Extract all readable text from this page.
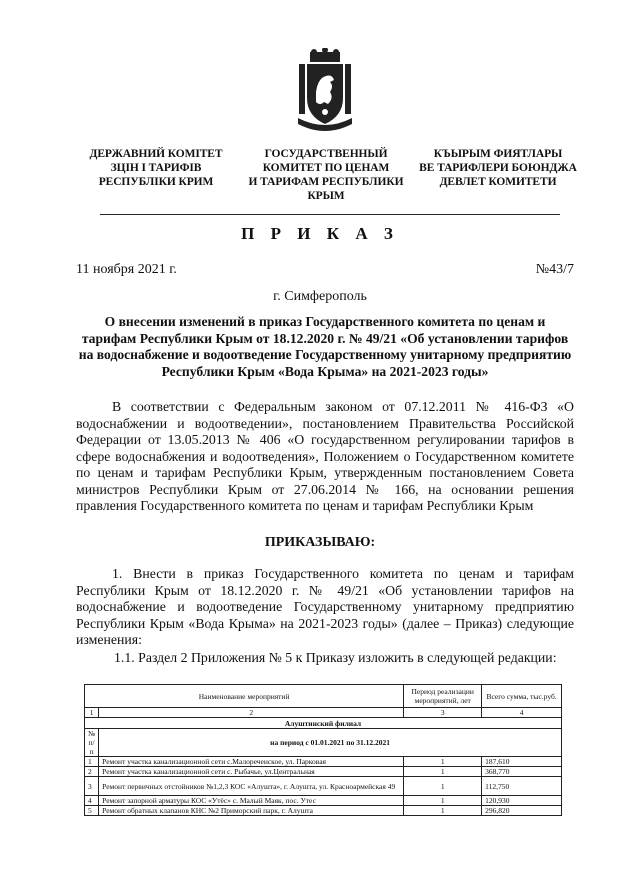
ДЕРЖАВНИЙ КОМІТЕТ
ЗЦІН І ТАРИФІВ
РЕСПУБЛІКИ КРИМ
ГОСУДАРСТВЕННЫЙ
КОМИТЕТ ПО ЦЕНАМ
И ТАРИФАМ РЕСПУБЛИКИ
КРЫМ
КЪЫРЫМ ФИЯТЛАРЫ
ВЕ ТАРИФЛЕРИ БОЮНДЖА
ДЕВЛЕТ КОМИТЕТИ
П Р И К А З
11 ноября 2021 г.	№43/7
г. Симферополь
О внесении изменений в приказ Государственного комитета по ценам и тарифам Республики Крым от 18.12.2020 г. № 49/21 «Об установлении тарифов на водоснабжение и водоотведение Государственному унитарному предприятию Республики Крым «Вода Крыма» на 2021-2023 годы»
В соответствии с Федеральным законом от 07.12.2011 № 416-ФЗ «О водоснабжении и водоотведении», постановлением Правительства Российской Федерации от 13.05.2013 № 406 «О государственном регулировании тарифов в сфере водоснабжения и водоотведения», Положением о Государственном комитете по ценам и тарифам Республики Крым, утвержденным постановлением Совета министров Республики Крым от 27.06.2014 № 166, на основании решения правления Государственного комитета по ценам и тарифам Республики Крым
ПРИКАЗЫВАЮ:
1. Внести в приказ Государственного комитета по ценам и тарифам Республики Крым от 18.12.2020 г. № 49/21 «Об установлении тарифов на водоснабжение и водоотведение Государственному унитарному предприятию Республики Крым «Вода Крыма» на 2021-2023 годы» (далее – Приказ) следующие изменения:
1.1. Раздел 2 Приложения № 5 к Приказу изложить в следующей редакции:
Наименование мероприятий		Период реализации мероприятий, лет	Всего сумма, тыс.руб.
1	2	3	4
Алуштинский филиал			
№ п/п	на период с 01.01.2021 по 31.12.2021		
1	Ремонт участка канализационной сети с.Малореченское, ул. Парковая	1	187,610
2	Ремонт участка канализационной сети с. Рыбачье, ул.Центральная	1	368,770
3	Ремонт первичных отстойников №1,2,3 КОС «Алушта», г. Алушта, ул. Красноармейская 49	1	112,750
4	Ремонт запорной арматуры КОС «Утёс» с. Малый Маяк, пос. Утес	1	120,930
5	Ремонт обратных клапанов КНС №2 Приморский парк, г. Алушта	1	296,820
